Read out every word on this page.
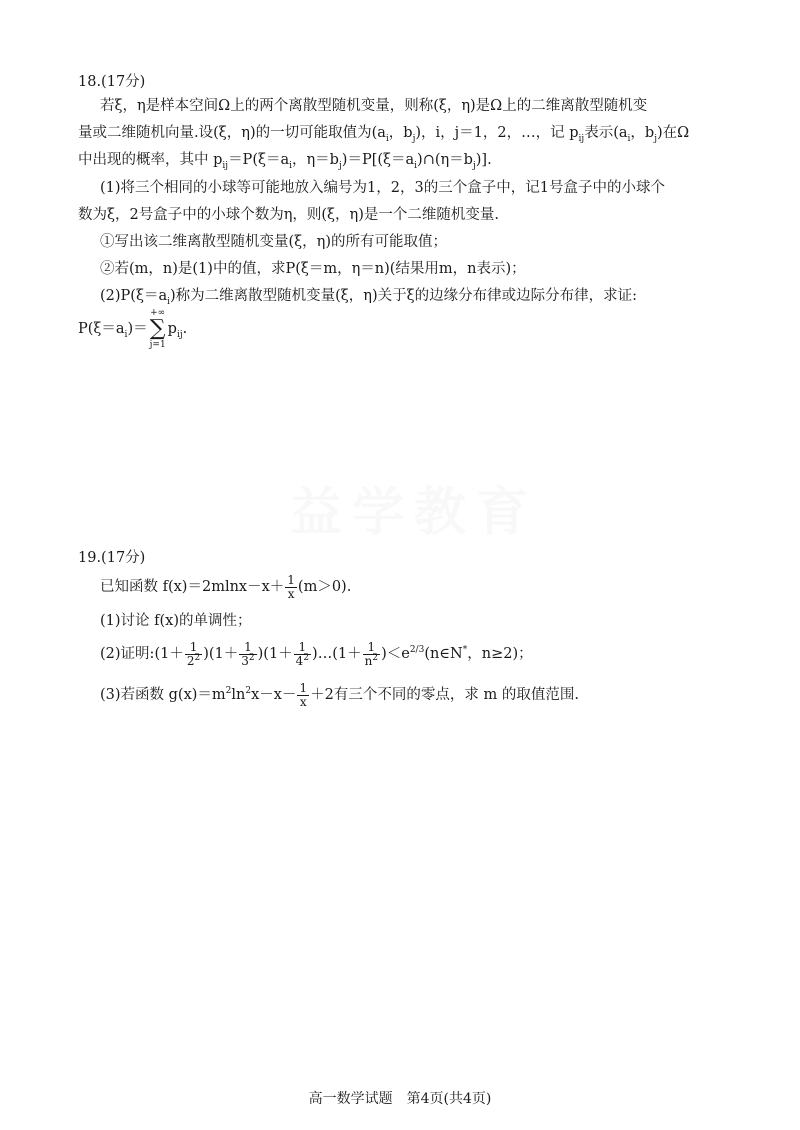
18.(17分)
若ξ，η是样本空间Ω上的两个离散型随机变量，则称(ξ，η)是Ω上的二维离散型随机变
量或二维随机向量.设(ξ，η)的一切可能取值为($a_i$，$b_j$)，i，j＝1，2，…，记 $p_{ij}$表示($a_i$，$b_j$)在Ω
中出现的概率，其中 $p_{ij}=P(\xi=a_i$，$\eta=b_j)=P[(\xi=a_i)\cap(\eta=b_j)]$.
(1)将三个相同的小球等可能地放入编号为1，2，3的三个盒子中，记1号盒子中的小球个
数为ξ，2号盒子中的小球个数为η，则(ξ，η)是一个二维随机变量.
①写出该二维离散型随机变量(ξ，η)的所有可能取值；
②若(m，n)是(1)中的值，求P(ξ＝m，η＝n)(结果用m，n表示)；
$(2)P(\xi=a_i)$称为二维离散型随机变量(ξ，η)关于ξ的边缘分布律或边际分布律，求证:
$P(\xi=a_i)=+\infty$
∑
$j=1p_{ij}$.
19.(17分)
已知函数 $f(x)=2mlnx-x+ \frac{1}{x} (m>0)$.
(1)讨论 f(x)的单调性；
(2)证明:(1＋ $\frac{1}{2^2} )(1+ \frac{1}{3^2} )(1+ \frac{1}{4^2}$ )…(1＋ $\frac{1}{n^2}$ )$<e^{2/3}(n\in N^*$，n≥2)；
(3)若函数 $g(x)=m^2\ln^2x-x- \frac{1}{x} +2$有三个不同的零点，求 m 的取值范围.
高一数学试题　第4页(共4页)
